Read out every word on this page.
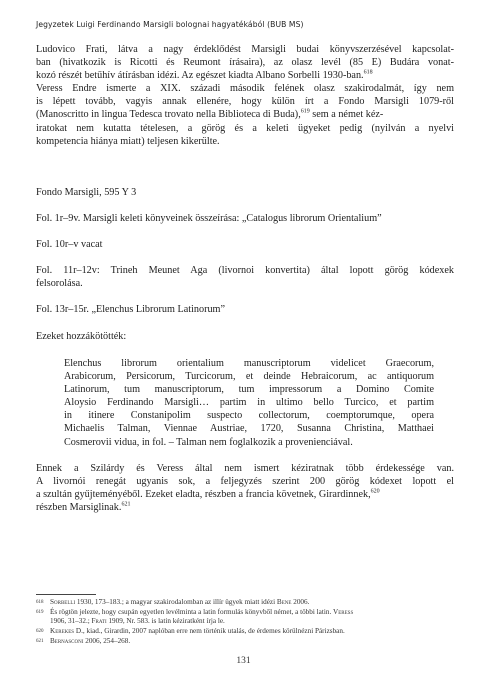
Jegyzetek Luigi Ferdinando Marsigli bolognai hagyatékából (BUB MS)
Ludovico Frati, látva a nagy érdeklődést Marsigli budai könyvszerzésével kapcsolat-
ban (hivatkozik is Ricotti és Reumont írásaira), az olasz levél (85 E) Budára vonat-
kozó részét betűhív átírásban idézi. Az egészet kiadta Albano Sorbelli 1930-ban.$^{618}$
Veress Endre ismerte a XIX. századi második felének olasz szakirodalmát, így nem
is lépett tovább, vagyis annak ellenére, hogy külön írt a Fondo Marsigli 1079-ről
(Manoscritto in lingua Tedesca trovato nella Biblioteca di Buda),$^{619}$ sem a német kéz-
iratokat nem kutatta tételesen, a görög és a keleti ügyeket pedig (nyilván a nyelvi
kompetencia hiánya miatt) teljesen kikerülte.
Fondo Marsigli, 595 Y 3
Fol. 1r–9v. Marsigli keleti könyveinek összeírása: „Catalogus librorum Orientalium”
Fol. 10r–v vacat
Fol. 11r–12v: Trineh Meunet Aga (livornoi konvertita) által lopott görög kódexek
felsorolása.
Fol. 13r–15r. „Elenchus Librorum Latinorum”
Ezeket hozzákötötték:
Elenchus librorum orientalium manuscriptorum videlicet Graecorum,
Arabicorum, Persicorum, Turcicorum, et deinde Hebraicorum, ac antiquorum
Latinorum, tum manuscriptorum, tum impressorum a Domino Comite
Aloysio Ferdinando Marsigli… partim in ultimo bello Turcico, et partim
in itinere Constanipolim suspecto collectorum, coemptorumque, opera
Michaelis Talman, Viennae Austriae, 1720, Susanna Christina, Matthaei
Cosmerovii vidua, in fol. – Talman nem foglalkozik a provenienciával.
Ennek a Szilárdy és Veress által nem ismert kéziratnak több érdekessége van.
A livornói renegát ugyanis sok, a feljegyzés szerint 200 görög kódexet lopott el
a szultán gyűjteményéből. Ezeket eladta, részben a francia követnek, Girardinnek,$^{620}$
részben Marsiglinak.$^{621}$
618 Sorbelli 1930, 173–183.; a magyar szakirodalomban az illír ügyek miatt idézi Bene 2006.
619 És rögtön jelezte, hogy csupán egyetlen levélminta a latin formulás könyvből német, a többi latin. Veress
1906, 31–32.; Frati 1909, Nr. 583. is latin kéziratként írja le.
620 Kerekes D., kiad., Girardin, 2007 naplóban erre nem történik utalás, de érdemes körülnézni Párizsban.
621 Bernasconi 2006, 254–268.
131
